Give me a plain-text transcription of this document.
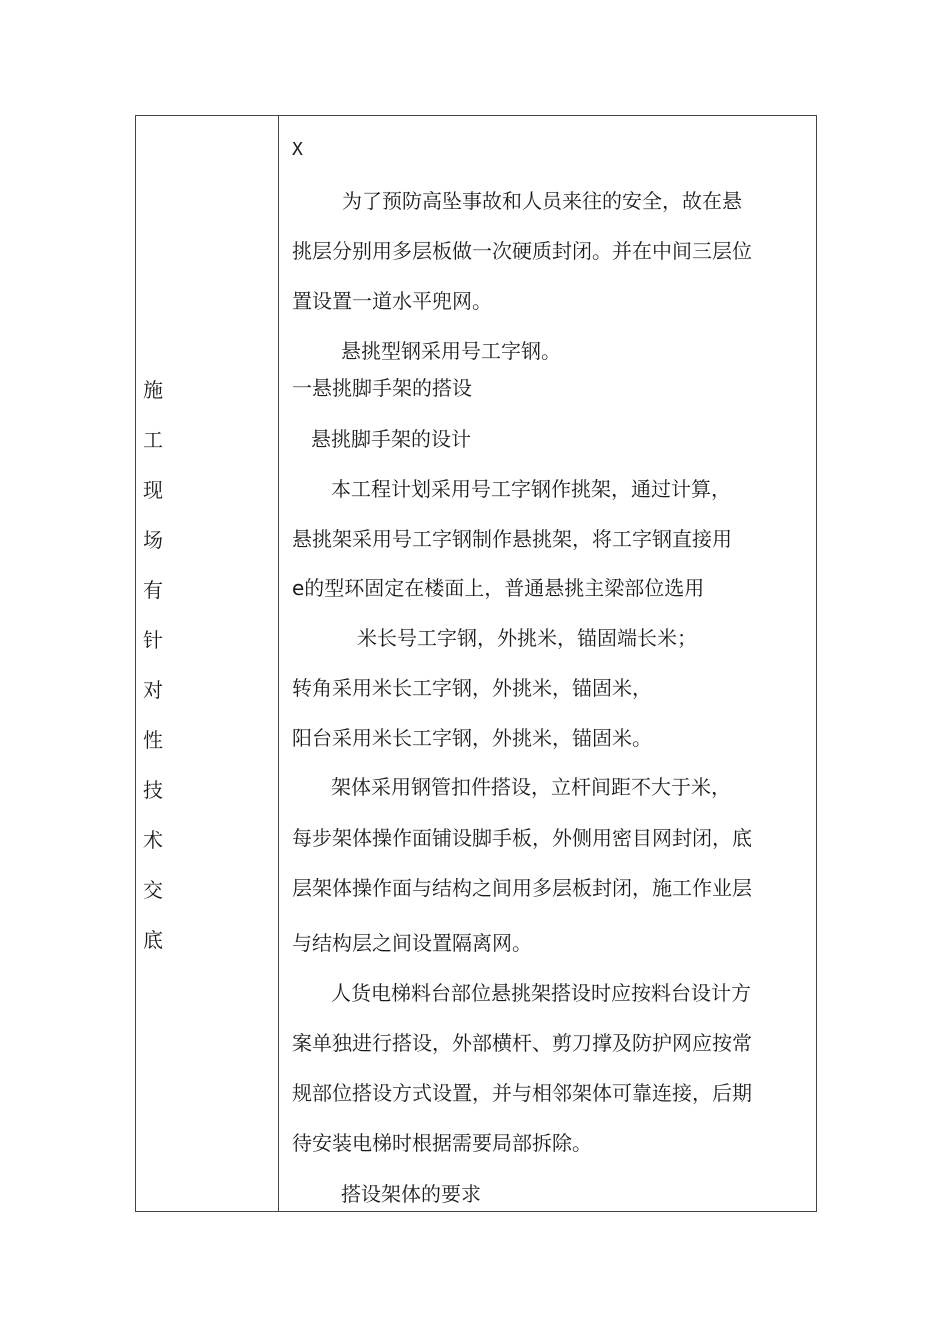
施
工
现
场
有
针
对
性
技
术
交
底
X
为了预防高坠事故和人员来往的安全，故在悬
挑层分别用多层板做一次硬质封闭。并在中间三层位
置设置一道水平兜网。
悬挑型钢采用号工字钢。
一悬挑脚手架的搭设
悬挑脚手架的设计
本工程计划采用号工字钢作挑架，通过计算，
悬挑架采用号工字钢制作悬挑架，将工字钢直接用
e的型环固定在楼面上，普通悬挑主梁部位选用
米长号工字钢，外挑米，锚固端长米；
转角采用米长工字钢，外挑米，锚固米，
阳台采用米长工字钢，外挑米，锚固米。
架体采用钢管扣件搭设，立杆间距不大于米，
每步架体操作面铺设脚手板，外侧用密目网封闭，底
层架体操作面与结构之间用多层板封闭，施工作业层
与结构层之间设置隔离网。
人货电梯料台部位悬挑架搭设时应按料台设计方
案单独进行搭设，外部横杆、剪刀撑及防护网应按常
规部位搭设方式设置，并与相邻架体可靠连接，后期
待安装电梯时根据需要局部拆除。
搭设架体的要求
